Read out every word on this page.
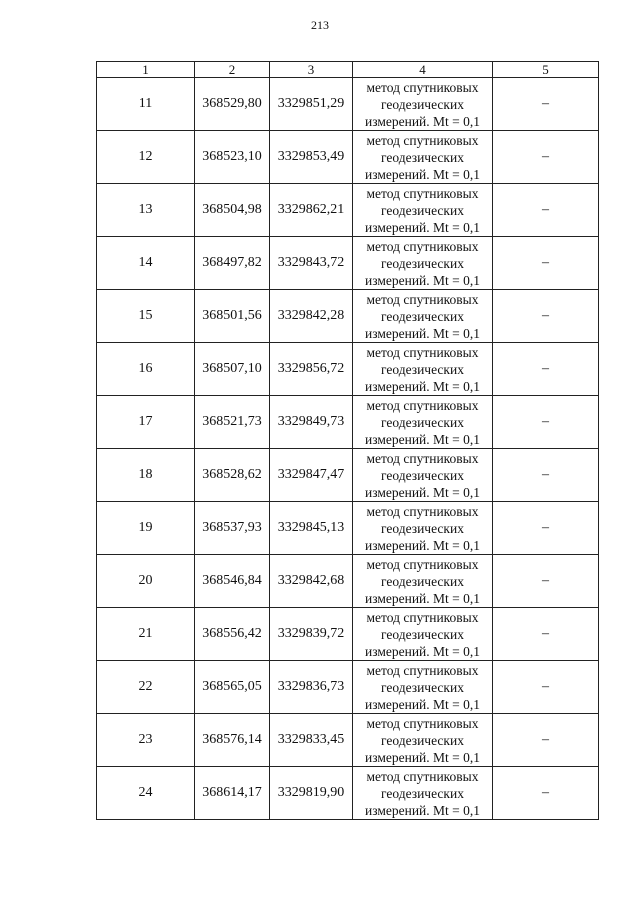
213
1	2	3	4	5
11	368529,80	3329851,29	метод спутниковых
геодезических
измерений. Mt = 0,1	–
12	368523,10	3329853,49	метод спутниковых
геодезических
измерений. Mt = 0,1	–
13	368504,98	3329862,21	метод спутниковых
геодезических
измерений. Mt = 0,1	–
14	368497,82	3329843,72	метод спутниковых
геодезических
измерений. Mt = 0,1	–
15	368501,56	3329842,28	метод спутниковых
геодезических
измерений. Mt = 0,1	–
16	368507,10	3329856,72	метод спутниковых
геодезических
измерений. Mt = 0,1	–
17	368521,73	3329849,73	метод спутниковых
геодезических
измерений. Mt = 0,1	–
18	368528,62	3329847,47	метод спутниковых
геодезических
измерений. Mt = 0,1	–
19	368537,93	3329845,13	метод спутниковых
геодезических
измерений. Mt = 0,1	–
20	368546,84	3329842,68	метод спутниковых
геодезических
измерений. Mt = 0,1	–
21	368556,42	3329839,72	метод спутниковых
геодезических
измерений. Mt = 0,1	–
22	368565,05	3329836,73	метод спутниковых
геодезических
измерений. Mt = 0,1	–
23	368576,14	3329833,45	метод спутниковых
геодезических
измерений. Mt = 0,1	–
24	368614,17	3329819,90	метод спутниковых
геодезических
измерений. Mt = 0,1	–
